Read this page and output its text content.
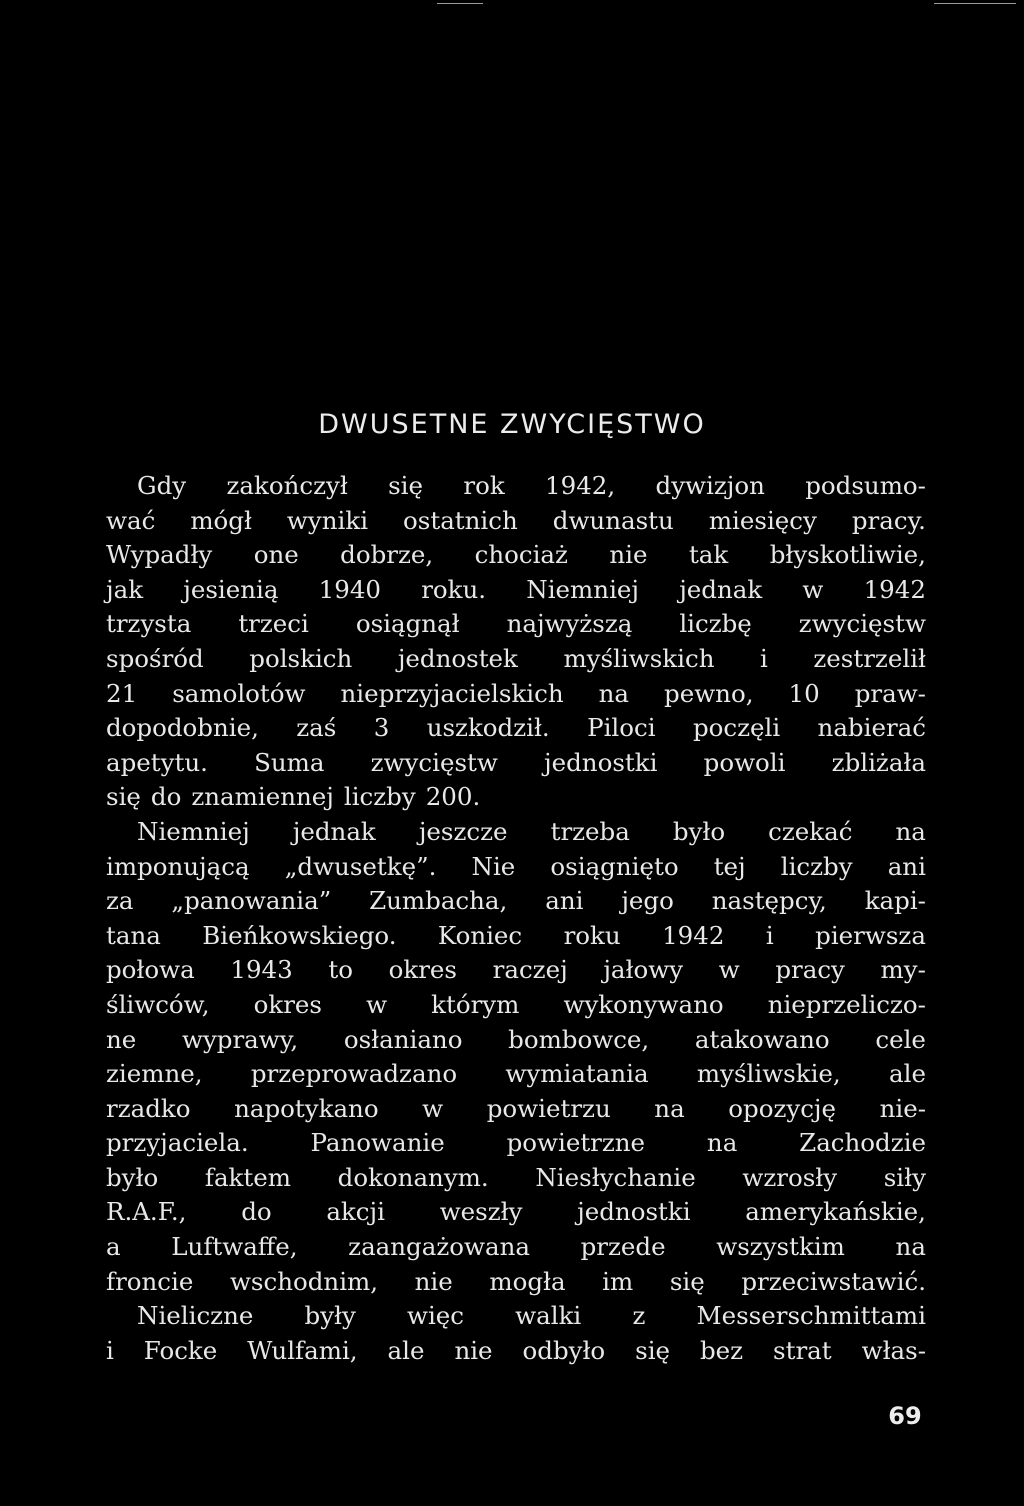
DWUSETNE ZWYCIĘSTWO
Gdy zakończył się rok 1942, dywizjon podsumo-
wać mógł wyniki ostatnich dwunastu miesięcy pracy.
Wypadły one dobrze, chociaż nie tak błyskotliwie,
jak jesienią 1940 roku. Niemniej jednak w 1942
trzysta trzeci osiągnął najwyższą liczbę zwycięstw
spośród polskich jednostek myśliwskich i zestrzelił
21 samolotów nieprzyjacielskich na pewno, 10 praw-
dopodobnie, zaś 3 uszkodził. Piloci poczęli nabierać
apetytu. Suma zwycięstw jednostki powoli zbliżała
się do znamiennej liczby 200.
Niemniej jednak jeszcze trzeba było czekać na
imponującą „dwusetkę”. Nie osiągnięto tej liczby ani
za „panowania” Zumbacha, ani jego następcy, kapi-
tana Bieńkowskiego. Koniec roku 1942 i pierwsza
połowa 1943 to okres raczej jałowy w pracy my-
śliwców, okres w którym wykonywano nieprzeliczo-
ne wyprawy, osłaniano bombowce, atakowano cele
ziemne, przeprowadzano wymiatania myśliwskie, ale
rzadko napotykano w powietrzu na opozycję nie-
przyjaciela.	Panowanie	powietrzne	na	Zachodzie
było faktem dokonanym. Niesłychanie wzrosły siły
R.A.F., do akcji weszły jednostki amerykańskie,
a Luftwaffe, zaangażowana przede wszystkim na
froncie wschodnim, nie mogła im się przeciwstawić.
Nieliczne były więc walki z Messerschmittami
i Focke Wulfami, ale nie odbyło się bez strat włas-
69
